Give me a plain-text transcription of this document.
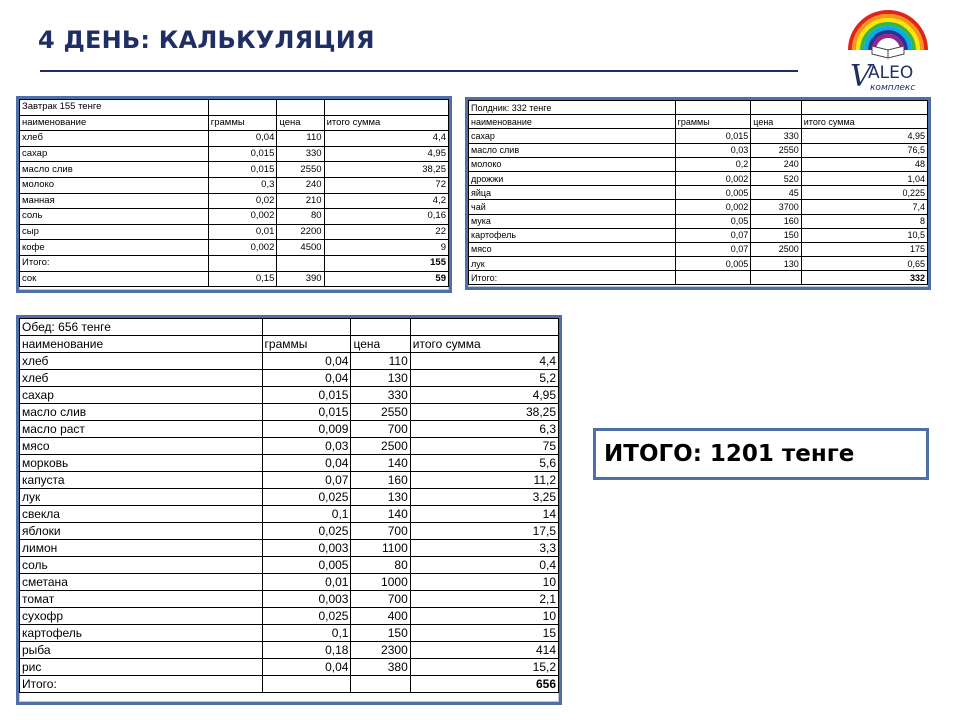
4 ДЕНЬ: КАЛЬКУЛЯЦИЯ
V
ALEO
комплекс
Завтрак 155 тенге			
наименование	граммы	цена	итого сумма
хлеб	0,04	110	4,4
сахар	0,015	330	4,95
масло слив	0,015	2550	38,25
молоко	0,3	240	72
манная	0,02	210	4,2
соль	0,002	80	0,16
сыр	0,01	2200	22
кофе	0,002	4500	9
Итого:			155
сок	0,15	390	59
Полдник: 332 тенге			
наименование	граммы	цена	итого сумма
сахар	0,015	330	4,95
масло слив	0,03	2550	76,5
молоко	0,2	240	48
дрожжи	0,002	520	1,04
яйца	0,005	45	0,225
чай	0,002	3700	7,4
мука	0,05	160	8
картофель	0,07	150	10,5
мясо	0,07	2500	175
лук	0,005	130	0,65
Итого:			332
Обед: 656 тенге			
наименование	граммы	цена	итого сумма
хлеб	0,04	110	4,4
хлеб	0,04	130	5,2
сахар	0,015	330	4,95
масло слив	0,015	2550	38,25
масло раст	0,009	700	6,3
мясо	0,03	2500	75
морковь	0,04	140	5,6
капуста	0,07	160	11,2
лук	0,025	130	3,25
свекла	0,1	140	14
яблоки	0,025	700	17,5
лимон	0,003	1100	3,3
соль	0,005	80	0,4
сметана	0,01	1000	10
томат	0,003	700	2,1
сухофр	0,025	400	10
картофель	0,1	150	15
рыба	0,18	2300	414
рис	0,04	380	15,2
Итого:			656
ИТОГО: 1201 тенге
